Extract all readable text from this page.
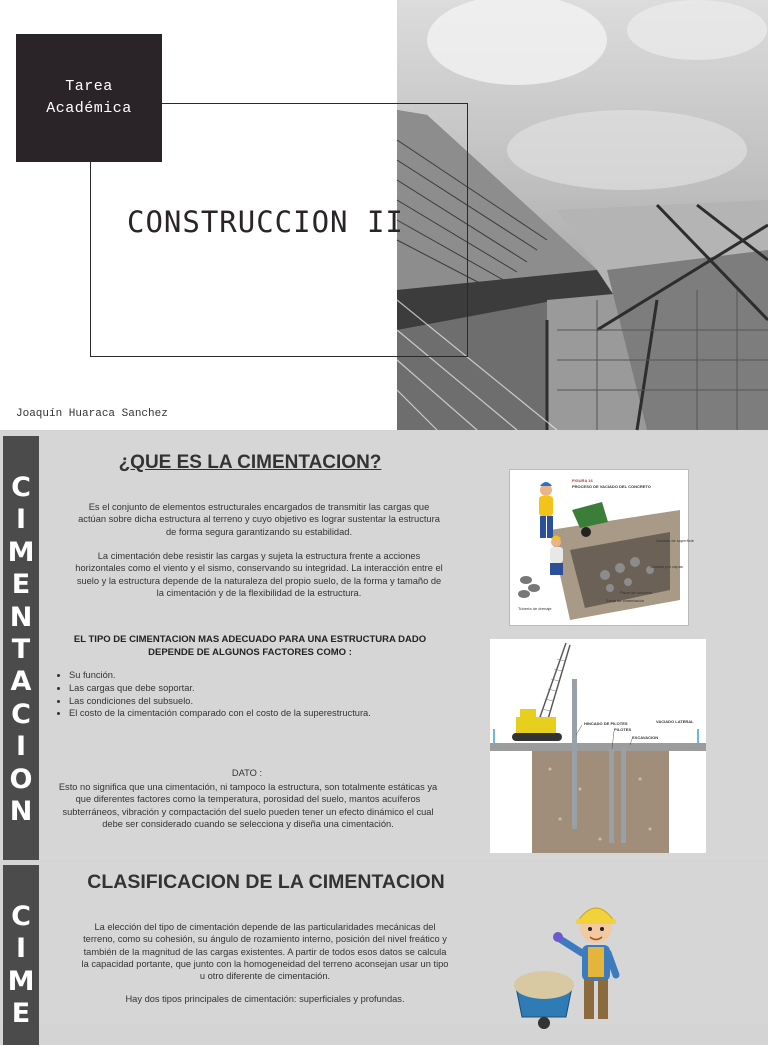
Tarea
Académica
CONSTRUCCION II
Joaquín Huaraca Sanchez
C
I
M
E
N
T
A
C
I
O
N
¿QUE ES LA CIMENTACION?
Es el conjunto de elementos estructurales encargados de transmitir las cargas que actúan sobre dicha estructura al terreno y cuyo objetivo es lograr sustentar la estructura de forma segura garantizando su estabilidad.
La cimentación debe resistir las cargas y sujeta la estructura frente a acciones horizontales como el viento y el sismo, conservando su integridad. La interacción entre el suelo y la estructura depende de la naturaleza del propio suelo, de la forma y tamaño de la cimentación y de la flexibilidad de la estructura.
EL TIPO DE CIMENTACION MAS ADECUADO PARA UNA ESTRUCTURA DADO DEPENDE DE ALGUNOS FACTORES COMO :
• Su función.
• Las cargas que debe soportar.
• Las condiciones del subsuelo.
• El costo de la cimentación comparado con el costo de la superestructura.
DATO :
Esto no significa que una cimentación, ni tampoco la estructura, son totalmente estáticas ya que diferentes factores como la temperatura, porosidad del suelo, mantos acuíferos subterráneos, vibración y compactación del suelo pueden tener un efecto dinámico el cual debe ser considerado cuando se selecciona y diseña una cimentación.
FIGURA 16
PROCESO DE VACIADO DEL CONCRETO
Vaciado de superficie
Vaciado por capas
Pisón de concreto
Zanja de cimentación
Tubería de drenaje
HINCADO DE PILOTES
PILOTES
VACIADO LATERAL
EXCAVACION
C
I
M
E
CLASIFICACION DE LA CIMENTACION
La elección del tipo de cimentación depende de las particularidades mecánicas del terreno, como su cohesión, su ángulo de rozamiento interno, posición del nivel freático y también de la magnitud de las cargas existentes. A partir de todos esos datos se calcula la capacidad portante, que junto con la homogeneidad del terreno aconsejan usar un tipo u otro diferente de cimentación.
Hay dos tipos principales de cimentación: superficiales y profundas.
